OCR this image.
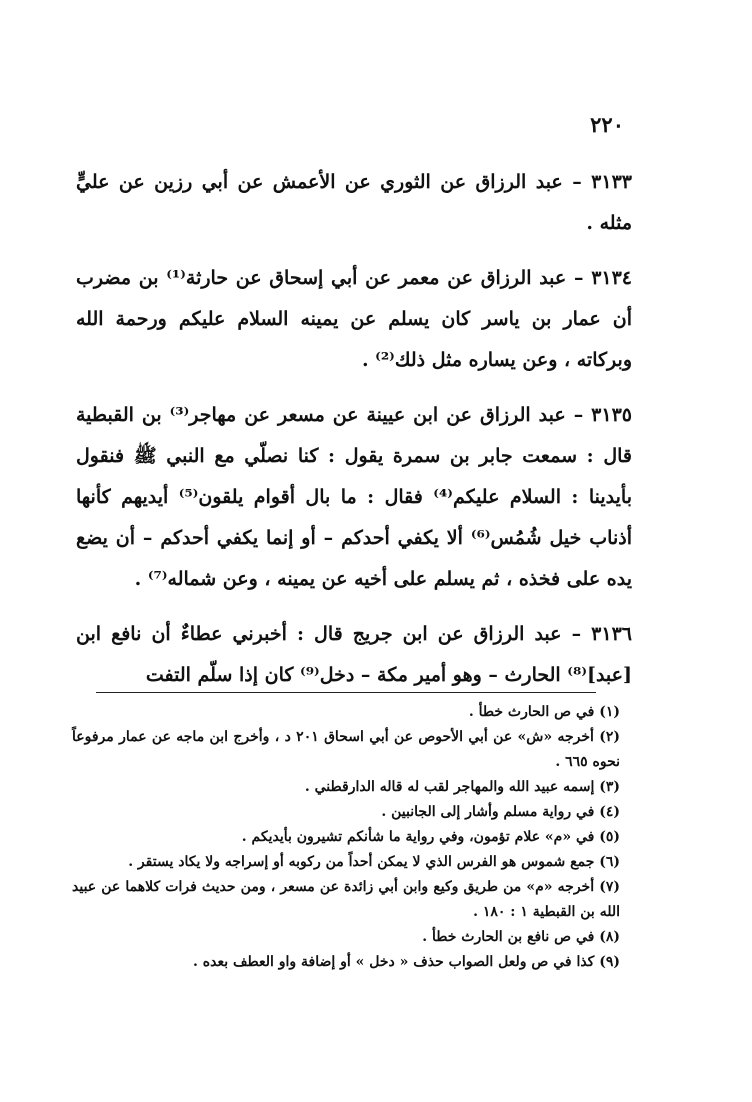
٢٢٠

٣١٣٣ – عبد الرزاق عن الثوري عن الأعمش عن أبي رزين عن عليٍّ مثله .

٣١٣٤ – عبد الرزاق عن معمر عن أبي إسحاق عن حارثة⁽¹⁾ بن مضرب أن عمار بن ياسر كان يسلم عن يمينه السلام عليكم ورحمة الله وبركاته ، وعن يساره مثل ذلك⁽²⁾ .

٣١٣٥ – عبد الرزاق عن ابن عيينة عن مسعر عن مهاجر⁽³⁾ بن القبطية قال : سمعت جابر بن سمرة يقول : كنا نصلّي مع النبي ﷺ فنقول بأيدينا : السلام عليكم⁽⁴⁾ فقال : ما بال أقوام يلقون⁽⁵⁾ أيديهم كأنها أذناب خيل شُمُس⁽⁶⁾ ألا يكفي أحدكم – أو إنما يكفي أحدكم – أن يضع يده على فخذه ، ثم يسلم على أخيه عن يمينه ، وعن شماله⁽⁷⁾ .

٣١٣٦ – عبد الرزاق عن ابن جريج قال : أخبرني عطاءٌ أن نافع ابن [عبد]⁽⁸⁾ الحارث – وهو أمير مكة – دخل⁽⁹⁾ كان إذا سلّم التفت

(١) في ص الحارث خطأ .

(٢) أخرجه «ش» عن أبي الأحوص عن أبي اسحاق ٢٠١ د ، وأخرج ابن ماجه عن عمار مرفوعاً نحوه ٦٦٥ .

(٣) إسمه عبيد الله والمهاجر لقب له قاله الدارقطني .

(٤) في رواية مسلم وأشار إلى الجانبين .

(٥) في «م» علام تؤمون، وفي رواية ما شأنكم تشيرون بأيديكم .

(٦) جمع شموس هو الفرس الذي لا يمكن أحداً من ركوبه أو إسراجه ولا يكاد يستقر .

(٧) أخرجه «م» من طريق وكيع وابن أبي زائدة عن مسعر ، ومن حديث فرات كلاهما عن عبيد الله بن القبطية ١ : ١٨٠ .

(٨) في ص نافع بن الحارث خطأ .

(٩) كذا في ص ولعل الصواب حذف « دخل » أو إضافة واو العطف بعده .
